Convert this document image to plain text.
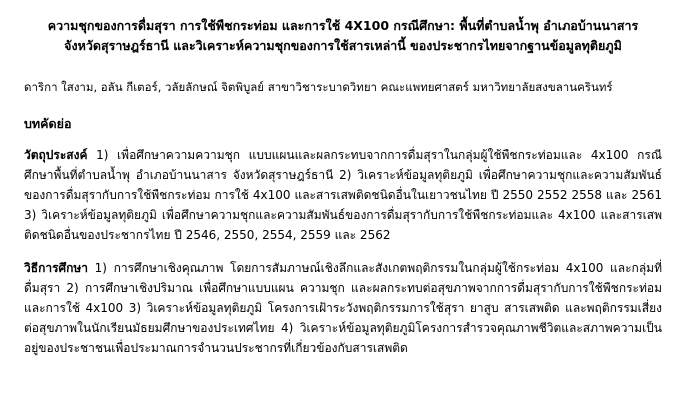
ความชุกของการดื่มสุรา การใช้พืชกระท่อม และการใช้ 4X100 กรณีศึกษา: พื้นที่ตำบลน้ำพุ อำเภอบ้านนาสาร จังหวัดสุราษฎร์ธานี และวิเคราะห์ความชุกของการใช้สารเหล่านี้ ของประชากรไทยจากฐานข้อมูลทุติยภูมิ
ดาริกา ใสงาม, อลัน กีเตอร์, วลัยลักษณ์ จิตพิบูลย์ สาขาวิชาระบาดวิทยา คณะแพทยศาสตร์ มหาวิทยาลัยสงขลานครินทร์
บทคัดย่อ
วัตถุประสงค์ 1) เพื่อศึกษาความความชุก แบบแผนและผลกระทบจากการดื่มสุราในกลุ่มผู้ใช้พืชกระท่อมและ 4x100 กรณีศึกษาพื้นที่ตำบลน้ำพุ อำเภอบ้านนาสาร จังหวัดสุราษฎร์ธานี 2) วิเคราะห์ข้อมูลทุติยภูมิ เพื่อศึกษาความชุกและความสัมพันธ์ของการดื่มสุรากับการใช้พืชกระท่อม การใช้ 4x100 และสารเสพติดชนิดอื่นในเยาวชนไทย ปี 2550 2552 2558 และ 2561 3) วิเคราะห์ข้อมูลทุติยภูมิ เพื่อศึกษาความชุกและความสัมพันธ์ของการดื่มสุรากับการใช้พืชกระท่อมและ 4x100 และสารเสพติดชนิดอื่นของประชากรไทย ปี 2546, 2550, 2554, 2559 และ 2562
วิธีการศึกษา 1) การศึกษาเชิงคุณภาพ โดยการสัมภาษณ์เชิงลึกและสังเกตพฤติกรรมในกลุ่มผู้ใช้กระท่อม 4x100 และกลุ่มที่ดื่มสุรา 2) การศึกษาเชิงปริมาณ เพื่อศึกษาแบบแผน ความชุก และผลกระทบต่อสุขภาพจากการดื่มสุรากับการใช้พืชกระท่อม และการใช้ 4x100 3) วิเคราะห์ข้อมูลทุติยภูมิ โครงการเฝ้าระวังพฤติกรรมการใช้สุรา ยาสูบ สารเสพติด และพฤติกรรมเสี่ยงต่อสุขภาพในนักเรียนมัธยมศึกษาของประเทศไทย 4) วิเคราะห์ข้อมูลทุติยภูมิโครงการสำรวจคุณภาพชีวิตและสภาพความเป็นอยู่ของประชาชนเพื่อประมาณการจำนวนประชากรที่เกี่ยวข้องกับสารเสพติด
